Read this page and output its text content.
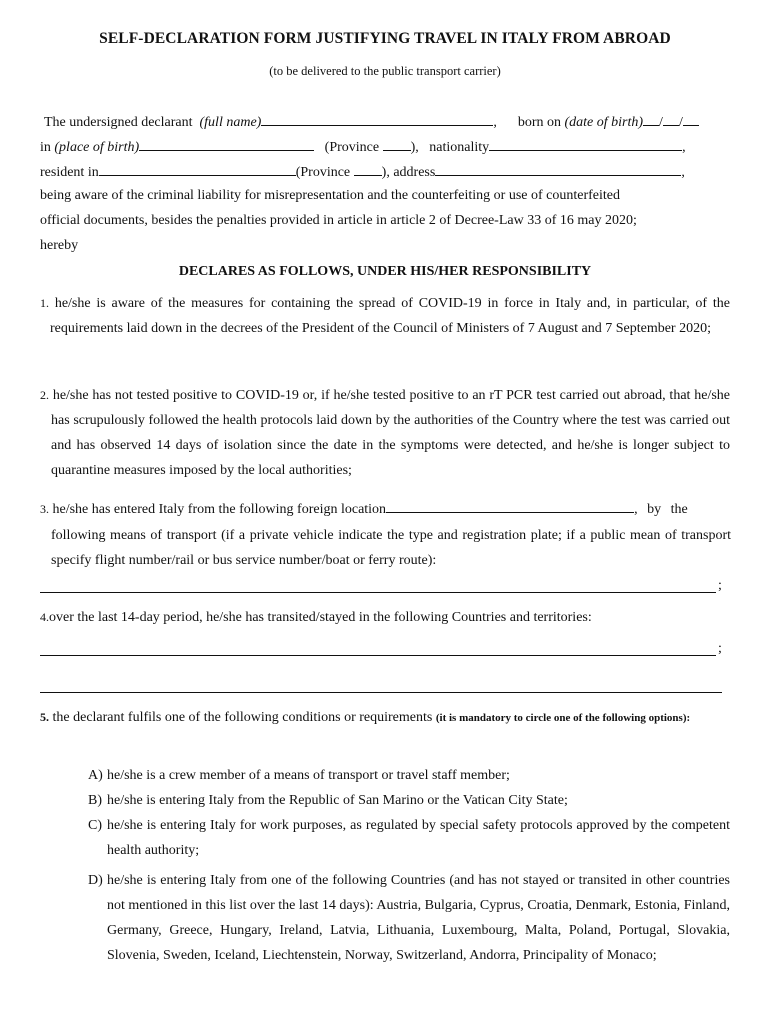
SELF-DECLARATION FORM JUSTIFYING TRAVEL IN ITALY FROM ABROAD
(to be delivered to the public transport carrier)
The undersigned declarant (full name)	, born on (date of birth) / /
in (place of birth)	(Province ), nationality	,
resident in	(Province ), address	,
being aware of the criminal liability for misrepresentation and the counterfeiting or use of counterfeited
official documents, besides the penalties provided in article in article 2 of Decree-Law 33 of 16 may 2020;
hereby
DECLARES AS FOLLOWS, UNDER HIS/HER RESPONSIBILITY

1. he/she is aware of the measures for containing the spread of COVID-19 in force in Italy and, in particular, of the requirements laid down in the decrees of the President of the Council of Ministers of 7 August and 7 September 2020;

2. he/she has not tested positive to COVID-19 or, if he/she tested positive to an rT PCR test carried out abroad, that he/she has scrupulously followed the health protocols laid down by the authorities of the Country where the test was carried out and has observed 14 days of isolation since the date in the symptoms were detected, and he/she is longer subject to quarantine measures imposed by the local authorities;

3. he/she has entered Italy from the following foreign location	, by the

following means of transport (if a private vehicle indicate the type and registration plate; if a public mean of transport specify flight number/rail or bus service number/boat or ferry route):

;
4.over the last 14-day period, he/she has transited/stayed in the following Countries and territories:
;
5. the declarant fulfils one of the following conditions or requirements (it is mandatory to circle one of the following options):
A) he/she is a crew member of a means of transport or travel staff member;
B) he/she is entering Italy from the Republic of San Marino or the Vatican City State;
C) he/she is entering Italy for work purposes, as regulated by special safety protocols approved by the competent health authority;
D) he/she is entering Italy from one of the following Countries (and has not stayed or transited in other countries not mentioned in this list over the last 14 days): Austria, Bulgaria, Cyprus, Croatia, Denmark, Estonia, Finland, Germany, Greece, Hungary, Ireland, Latvia, Lithuania, Luxembourg, Malta, Poland, Portugal, Slovakia, Slovenia, Sweden, Iceland, Liechtenstein, Norway, Switzerland, Andorra, Principality of Monaco;
